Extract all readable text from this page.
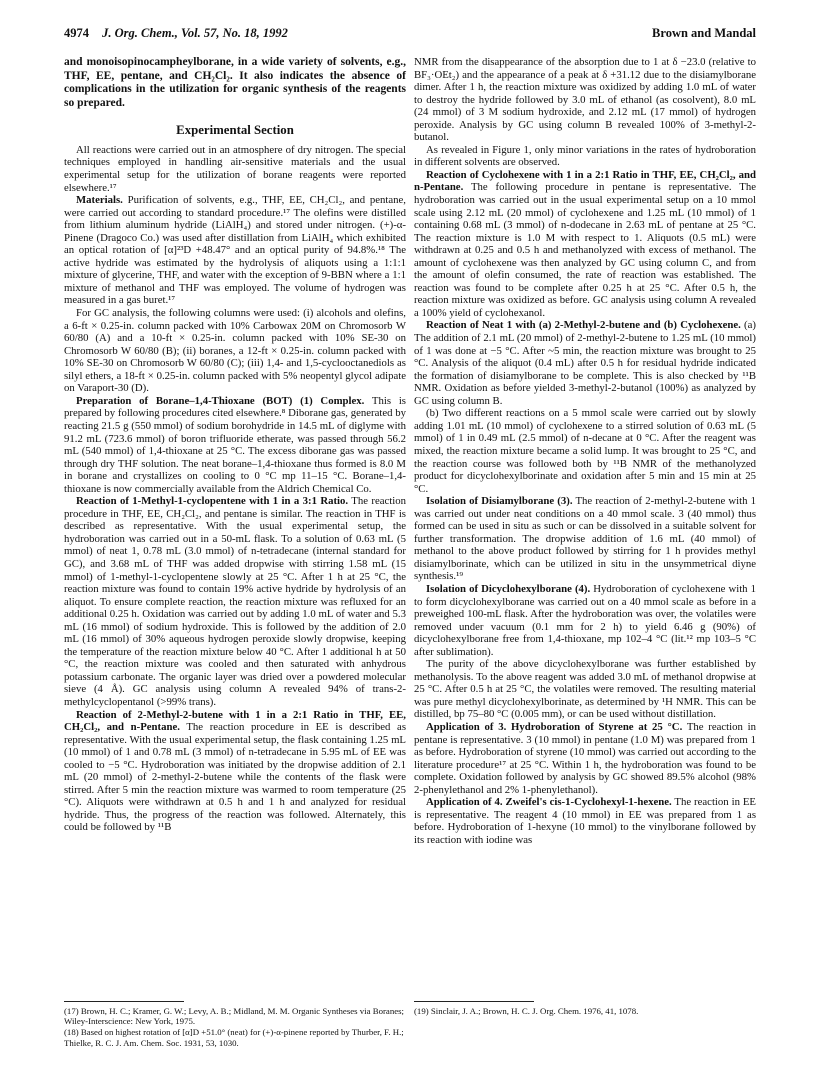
4974 J. Org. Chem., Vol. 57, No. 18, 1992	Brown and Mandal

and monoisopinocampheylborane, in a wide variety of solvents, e.g., THF, EE, pentane, and CH₂Cl₂. It also indicates the absence of complications in the utilization for organic synthesis of the reagents so prepared.

Experimental Section

All reactions were carried out in an atmosphere of dry nitrogen. The special techniques employed in handling air-sensitive materials and the usual experimental setup for the utilization of borane reagents were reported elsewhere.¹⁷

Materials. Purification of solvents, e.g., THF, EE, CH₂Cl₂, and pentane, were carried out according to standard procedure.¹⁷ The olefins were distilled from lithium aluminum hydride (LiAlH₄) and stored under nitrogen. (+)-α-Pinene (Dragoco Co.) was used after distillation from LiAlH₄ which exhibited an optical rotation of [α]²³D +48.47° and an optical purity of 94.8%.¹⁸ The active hydride was estimated by the hydrolysis of aliquots using a 1:1:1 mixture of glycerine, THF, and water with the exception of 9-BBN where a 1:1 mixture of methanol and THF was employed. The volume of hydrogen was measured in a gas buret.¹⁷

For GC analysis, the following columns were used: (i) alcohols and olefins, a 6-ft × 0.25-in. column packed with 10% Carbowax 20M on Chromosorb W 60/80 (A) and a 10-ft × 0.25-in. column packed with 10% SE-30 on Chromosorb W 60/80 (B); (ii) boranes, a 12-ft × 0.25-in. column packed with 10% SE-30 on Chromosorb W 60/80 (C); (iii) 1,4- and 1,5-cyclooctanediols as silyl ethers, a 18-ft × 0.25-in. column packed with 5% neopentyl glycol adipate on Varaport-30 (D).

Preparation of Borane–1,4-Thioxane (BOT) (1) Complex. This is prepared by following procedures cited elsewhere.⁸ Diborane gas, generated by reacting 21.5 g (550 mmol) of sodium borohydride in 14.5 mL of diglyme with 91.2 mL (723.6 mmol) of boron trifluoride etherate, was passed through 56.2 mL (540 mmol) of 1,4-thioxane at 25 °C. The excess diborane gas was passed through dry THF solution. The neat borane–1,4-thioxane thus formed is 8.0 M in borane and crystallizes on cooling to 0 °C mp 11–15 °C. Borane–1,4-thioxane is now commercially available from the Aldrich Chemical Co.

Reaction of 1-Methyl-1-cyclopentene with 1 in a 3:1 Ratio. The reaction procedure in THF, EE, CH₂Cl₂, and pentane is similar. The reaction in THF is described as representative. With the usual experimental setup, the hydroboration was carried out in a 50-mL flask. To a solution of 0.63 mL (5 mmol) of neat 1, 0.78 mL (3.0 mmol) of n-tetradecane (internal standard for GC), and 3.68 mL of THF was added dropwise with stirring 1.58 mL (15 mmol) of 1-methyl-1-cyclopentene slowly at 25 °C. After 1 h at 25 °C, the reaction mixture was found to contain 19% active hydride by hydrolysis of an aliquot. To ensure complete reaction, the reaction mixture was refluxed for an additional 0.25 h. Oxidation was carried out by adding 1.0 mL of water and 5.3 mL (16 mmol) of sodium hydroxide. This is followed by the addition of 2.0 mL (16 mmol) of 30% aqueous hydrogen peroxide slowly dropwise, keeping the temperature of the reaction mixture below 40 °C. After 1 additional h at 50 °C, the reaction mixture was cooled and then saturated with anhydrous potassium carbonate. The organic layer was dried over a powdered molecular sieve (4 Å). GC analysis using column A revealed 94% of trans-2-methylcyclopentanol (>99% trans).

Reaction of 2-Methyl-2-butene with 1 in a 2:1 Ratio in THF, EE, CH₂Cl₂, and n-Pentane. The reaction procedure in EE is described as representative. With the usual experimental setup, the flask containing 1.25 mL (10 mmol) of 1 and 0.78 mL (3 mmol) of n-tetradecane in 5.95 mL of EE was cooled to −5 °C. Hydroboration was initiated by the dropwise addition of 2.1 mL (20 mmol) of 2-methyl-2-butene while the contents of the flask were stirred. After 5 min the reaction mixture was warmed to room temperature (25 °C). Aliquots were withdrawn at 0.5 h and 1 h and analyzed for residual hydride. Thus, the progress of the reaction was followed. Alternately, this could be followed by ¹¹B

NMR from the disappearance of the absorption due to 1 at δ −23.0 (relative to BF₃·OEt₂) and the appearance of a peak at δ +31.12 due to the disiamylborane dimer. After 1 h, the reaction mixture was oxidized by adding 1.0 mL of water to destroy the hydride followed by 3.0 mL of ethanol (as cosolvent), 8.0 mL (24 mmol) of 3 M sodium hydroxide, and 2.12 mL (17 mmol) of hydrogen peroxide. Analysis by GC using column B revealed 100% of 3-methyl-2-butanol.

As revealed in Figure 1, only minor variations in the rates of hydroboration in different solvents are observed.

Reaction of Cyclohexene with 1 in a 2:1 Ratio in THF, EE, CH₂Cl₂, and n-Pentane. The following procedure in pentane is representative. The hydroboration was carried out in the usual experimental setup on a 10 mmol scale using 2.12 mL (20 mmol) of cyclohexene and 1.25 mL (10 mmol) of 1 containing 0.68 mL (3 mmol) of n-dodecane in 2.63 mL of pentane at 25 °C. The reaction mixture is 1.0 M with respect to 1. Aliquots (0.5 mL) were withdrawn at 0.25 and 0.5 h and methanolyzed with excess of methanol. The amount of cyclohexene was then analyzed by GC using column C, and from the amount of olefin consumed, the rate of reaction was established. The reaction was found to be complete after 0.25 h at 25 °C. After 0.5 h, the reaction mixture was oxidized as before. GC analysis using column A revealed a 100% yield of cyclohexanol.

Reaction of Neat 1 with (a) 2-Methyl-2-butene and (b) Cyclohexene. (a) The addition of 2.1 mL (20 mmol) of 2-methyl-2-butene to 1.25 mL (10 mmol) of 1 was done at −5 °C. After ~5 min, the reaction mixture was brought to 25 °C. Analysis of the aliquot (0.4 mL) after 0.5 h for residual hydride indicated the formation of disiamylborane to be complete. This is also checked by ¹¹B NMR. Oxidation as before yielded 3-methyl-2-butanol (100%) as analyzed by GC using column B.

(b) Two different reactions on a 5 mmol scale were carried out by slowly adding 1.01 mL (10 mmol) of cyclohexene to a stirred solution of 0.63 mL (5 mmol) of 1 in 0.49 mL (2.5 mmol) of n-decane at 0 °C. After the reagent was mixed, the reaction mixture became a solid lump. It was brought to 25 °C, and the reaction course was followed both by ¹¹B NMR of the methanolyzed product for dicyclohexylborinate and oxidation after 5 min and 15 min at 25 °C.

Isolation of Disiamylborane (3). The reaction of 2-methyl-2-butene with 1 was carried out under neat conditions on a 40 mmol scale. 3 (40 mmol) thus formed can be used in situ as such or can be dissolved in a suitable solvent for further transformation. The dropwise addition of 1.6 mL (40 mmol) of methanol to the above product followed by stirring for 1 h provides methyl disiamylborinate, which can be utilized in situ in the unsymmetrical diyne synthesis.¹⁹

Isolation of Dicyclohexylborane (4). Hydroboration of cyclohexene with 1 to form dicyclohexylborane was carried out on a 40 mmol scale as before in a preweighed 100-mL flask. After the hydroboration was over, the volatiles were removed under vacuum (0.1 mm for 2 h) to yield 6.46 g (90%) of dicyclohexylborane free from 1,4-thioxane, mp 102–4 °C (lit.¹² mp 103–5 °C after sublimation).

The purity of the above dicyclohexylborane was further established by methanolysis. To the above reagent was added 3.0 mL of methanol dropwise at 25 °C. After 0.5 h at 25 °C, the volatiles were removed. The resulting material was pure methyl dicyclohexylborinate, as determined by ¹H NMR. This can be distilled, bp 75–80 °C (0.005 mm), or can be used without distillation.

Application of 3. Hydroboration of Styrene at 25 °C. The reaction in pentane is representative. 3 (10 mmol) in pentane (1.0 M) was prepared from 1 as before. Hydroboration of styrene (10 mmol) was carried out according to the literature procedure¹⁷ at 25 °C. Within 1 h, the hydroboration was found to be complete. Oxidation followed by analysis by GC showed 89.5% alcohol (98% 2-phenylethanol and 2% 1-phenylethanol).

Application of 4. Zweifel's cis-1-Cyclohexyl-1-hexene. The reaction in EE is representative. The reagent 4 (10 mmol) in EE was prepared from 1 as before. Hydroboration of 1-hexyne (10 mmol) to the vinylborane followed by its reaction with iodine was

(17) Brown, H. C.; Kramer, G. W.; Levy, A. B.; Midland, M. M. Organic Syntheses via Boranes; Wiley-Interscience: New York, 1975.

(18) Based on highest rotation of [α]D +51.0° (neat) for (+)-α-pinene reported by Thurber, F. H.; Thielke, R. C. J. Am. Chem. Soc. 1931, 53, 1030.

(19) Sinclair, J. A.; Brown, H. C. J. Org. Chem. 1976, 41, 1078.
